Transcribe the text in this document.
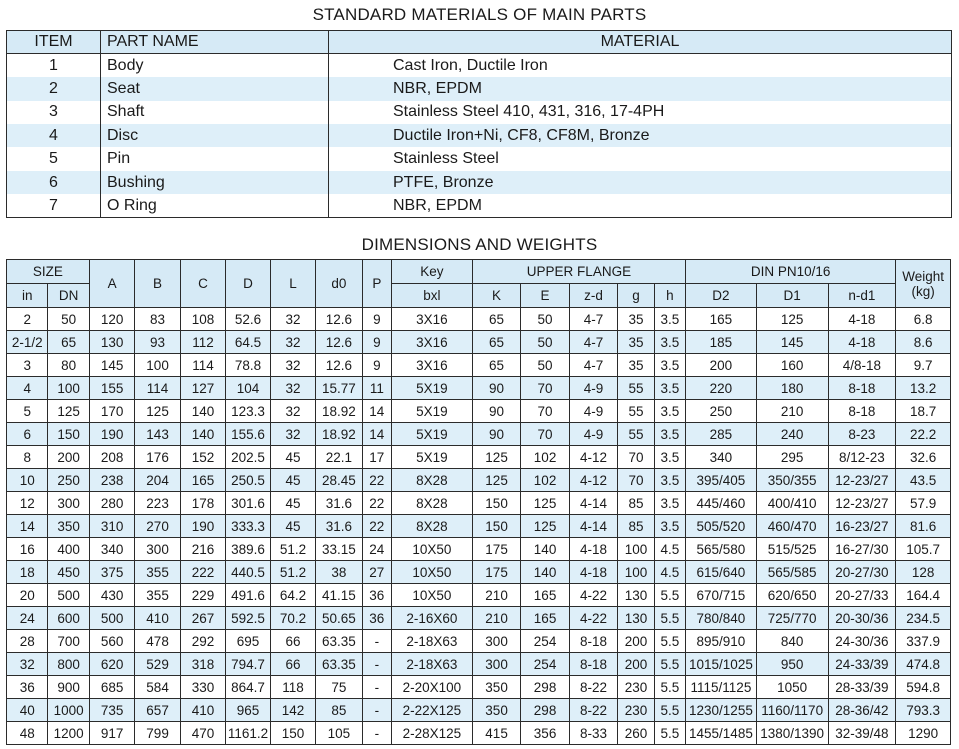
STANDARD MATERIALS OF MAIN PARTS
ITEM	PART NAME	MATERIAL
1	Body	Cast Iron, Ductile Iron
2	Seat	NBR, EPDM
3	Shaft	Stainless Steel 410, 431, 316, 17-4PH
4	Disc	Ductile Iron+Ni, CF8, CF8M, Bronze
5	Pin	Stainless Steel
6	Bushing	PTFE, Bronze
7	O Ring	NBR, EPDM
DIMENSIONS AND WEIGHTS
SIZE		A	B	C	D	L	d0	P	Key	UPPER FLANGE					DIN PN10/16			Weight
(kg)

in	DN								bxl	K	E	z-d	g	h	D2	D1	n-d1	
2	50	120	83	108	52.6	32	12.6	9	3X16	65	50	4-7	35	3.5	165	125	4-18	6.8
2-1/2	65	130	93	112	64.5	32	12.6	9	3X16	65	50	4-7	35	3.5	185	145	4-18	8.6
3	80	145	100	114	78.8	32	12.6	9	3X16	65	50	4-7	35	3.5	200	160	4/8-18	9.7
4	100	155	114	127	104	32	15.77	11	5X19	90	70	4-9	55	3.5	220	180	8-18	13.2
5	125	170	125	140	123.3	32	18.92	14	5X19	90	70	4-9	55	3.5	250	210	8-18	18.7
6	150	190	143	140	155.6	32	18.92	14	5X19	90	70	4-9	55	3.5	285	240	8-23	22.2
8	200	208	176	152	202.5	45	22.1	17	5X19	125	102	4-12	70	3.5	340	295	8/12-23	32.6
10	250	238	204	165	250.5	45	28.45	22	8X28	125	102	4-12	70	3.5	395/405	350/355	12-23/27	43.5
12	300	280	223	178	301.6	45	31.6	22	8X28	150	125	4-14	85	3.5	445/460	400/410	12-23/27	57.9
14	350	310	270	190	333.3	45	31.6	22	8X28	150	125	4-14	85	3.5	505/520	460/470	16-23/27	81.6
16	400	340	300	216	389.6	51.2	33.15	24	10X50	175	140	4-18	100	4.5	565/580	515/525	16-27/30	105.7
18	450	375	355	222	440.5	51.2	38	27	10X50	175	140	4-18	100	4.5	615/640	565/585	20-27/30	128
20	500	430	355	229	491.6	64.2	41.15	36	10X50	210	165	4-22	130	5.5	670/715	620/650	20-27/33	164.4
24	600	500	410	267	592.5	70.2	50.65	36	2-16X60	210	165	4-22	130	5.5	780/840	725/770	20-30/36	234.5
28	700	560	478	292	695	66	63.35	-	2-18X63	300	254	8-18	200	5.5	895/910	840	24-30/36	337.9
32	800	620	529	318	794.7	66	63.35	-	2-18X63	300	254	8-18	200	5.5	1015/1025	950	24-33/39	474.8
36	900	685	584	330	864.7	118	75	-	2-20X100	350	298	8-22	230	5.5	1115/1125	1050	28-33/39	594.8
40	1000	735	657	410	965	142	85	-	2-22X125	350	298	8-22	230	5.5	1230/1255	1160/1170	28-36/42	793.3
48	1200	917	799	470	1161.2	150	105	-	2-28X125	415	356	8-33	260	5.5	1455/1485	1380/1390	32-39/48	1290
